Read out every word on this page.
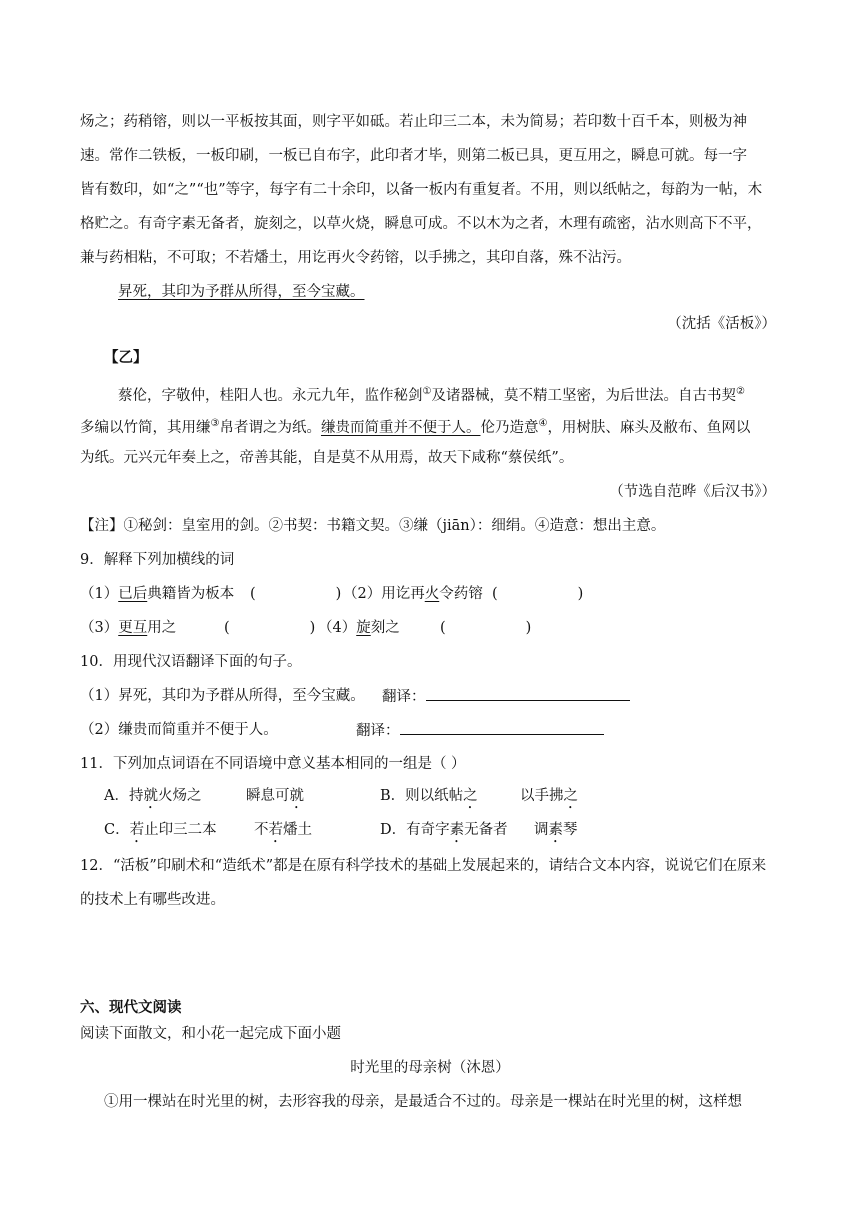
炀之；药稍镕，则以一平板按其面，则字平如砥。若止印三二本，未为简易；若印数十百千本，则极为神
速。常作二铁板，一板印刷，一板已自布字，此印者才毕，则第二板已具，更互用之，瞬息可就。每一字
皆有数印，如“之”“也”等字，每字有二十余印，以备一板内有重复者。不用，则以纸帖之，每韵为一帖，木
格贮之。有奇字素无备者，旋刻之，以草火烧，瞬息可成。不以木为之者，木理有疏密，沾水则高下不平，
兼与药相粘，不可取；不若燔土，用讫再火令药镕，以手拂之，其印自落，殊不沾污。
昇死，其印为予群从所得，至今宝藏。
（沈括《活板》）
【乙】
蔡伦，字敬仲，桂阳人也。永元九年，监作秘剑①及诸器械，莫不精工坚密，为后世法。自古书契②
多编以竹简，其用缣③帛者谓之为纸。缣贵而简重并不便于人。伦乃造意④，用树肤、麻头及敝布、鱼网以
为纸。元兴元年奏上之，帝善其能，自是莫不从用焉，故天下咸称“蔡侯纸”。
（节选自范晔《后汉书》）
【注】①秘剑：皇室用的剑。②书契：书籍文契。③缣（jiān）：细绢。④造意：想出主意。
9．解释下列加横线的词
（1）已后典籍皆为板本 (	) （2）用讫再火令药镕 (	)
（3）更互用之	(	) （4）旋刻之	(	)
10．用现代汉语翻译下面的句子。
（1）昇死，其印为予群从所得，至今宝藏。 翻译：
（2）缣贵而简重并不便于人。	翻译：
11．下列加点词语在不同语境中意义基本相同的一组是（ ）
A．持就火炀之	瞬息可就	B．则以纸帖之	以手拂之
C．若止印三二本	不若燔土	D．有奇字素无备者 调素琴
12．“活板”印刷术和“造纸术”都是在原有科学技术的基础上发展起来的，请结合文本内容，说说它们在原来
的技术上有哪些改进。
六、现代文阅读
阅读下面散文，和小花一起完成下面小题
时光里的母亲树（沐恩）
①用一棵站在时光里的树，去形容我的母亲，是最适合不过的。母亲是一棵站在时光里的树，这样想
